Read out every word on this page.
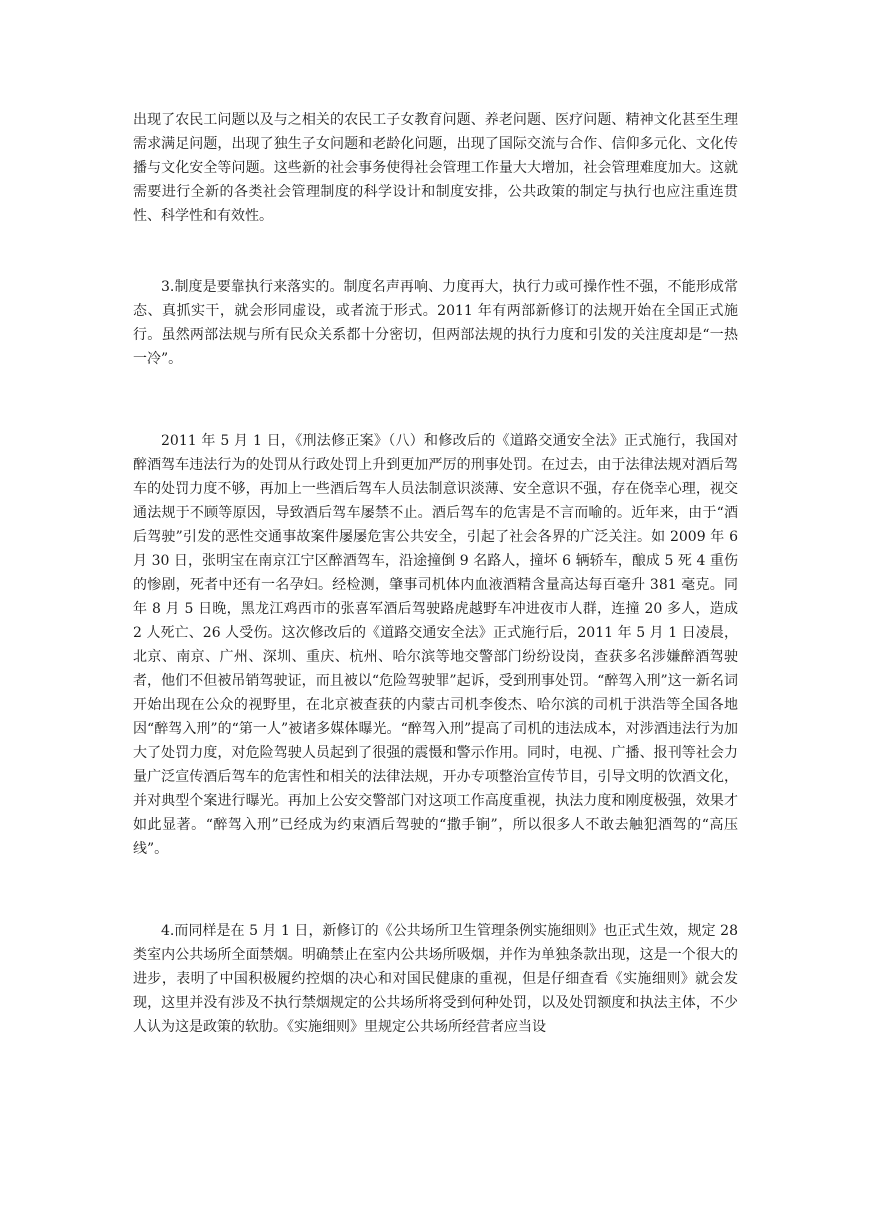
出现了农民工问题以及与之相关的农民工子女教育问题、养老问题、医疗问题、精神文化甚至生理需求满足问题，出现了独生子女问题和老龄化问题，出现了国际交流与合作、信仰多元化、文化传播与文化安全等问题。这些新的社会事务使得社会管理工作量大大增加，社会管理难度加大。这就需要进行全新的各类社会管理制度的科学设计和制度安排，公共政策的制定与执行也应注重连贯性、科学性和有效性。

3.制度是要靠执行来落实的。制度名声再响、力度再大，执行力或可操作性不强，不能形成常态、真抓实干，就会形同虚设，或者流于形式。2011 年有两部新修订的法规开始在全国正式施行。虽然两部法规与所有民众关系都十分密切，但两部法规的执行力度和引发的关注度却是“一热一冷”。

2011 年 5 月 1 日，《刑法修正案》（八）和修改后的《道路交通安全法》正式施行，我国对醉酒驾车违法行为的处罚从行政处罚上升到更加严厉的刑事处罚。在过去，由于法律法规对酒后驾车的处罚力度不够，再加上一些酒后驾车人员法制意识淡薄、安全意识不强，存在侥幸心理，视交通法规于不顾等原因，导致酒后驾车屡禁不止。酒后驾车的危害是不言而喻的。近年来，由于“酒后驾驶”引发的恶性交通事故案件屡屡危害公共安全，引起了社会各界的广泛关注。如 2009 年 6 月 30 日，张明宝在南京江宁区醉酒驾车，沿途撞倒 9 名路人，撞坏 6 辆轿车，酿成 5 死 4 重伤的惨剧，死者中还有一名孕妇。经检测，肇事司机体内血液酒精含量高达每百毫升 381 毫克。同年 8 月 5 日晚，黑龙江鸡西市的张喜军酒后驾驶路虎越野车冲进夜市人群，连撞 20 多人，造成 2 人死亡、26 人受伤。这次修改后的《道路交通安全法》正式施行后，2011 年 5 月 1 日凌晨，北京、南京、广州、深圳、重庆、杭州、哈尔滨等地交警部门纷纷设岗，查获多名涉嫌醉酒驾驶者，他们不但被吊销驾驶证，而且被以“危险驾驶罪”起诉，受到刑事处罚。“醉驾入刑”这一新名词开始出现在公众的视野里，在北京被查获的内蒙古司机李俊杰、哈尔滨的司机于洪浩等全国各地因“醉驾入刑”的“第一人”被诸多媒体曝光。“醉驾入刑”提高了司机的违法成本，对涉酒违法行为加大了处罚力度，对危险驾驶人员起到了很强的震慑和警示作用。同时，电视、广播、报刊等社会力量广泛宣传酒后驾车的危害性和相关的法律法规，开办专项整治宣传节目，引导文明的饮酒文化，并对典型个案进行曝光。再加上公安交警部门对这项工作高度重视，执法力度和刚度极强，效果才如此显著。“醉驾入刑”已经成为约束酒后驾驶的“撒手锏”，所以很多人不敢去触犯酒驾的“高压线”。

4.而同样是在 5 月 1 日，新修订的《公共场所卫生管理条例实施细则》也正式生效，规定 28 类室内公共场所全面禁烟。明确禁止在室内公共场所吸烟，并作为单独条款出现，这是一个很大的进步，表明了中国积极履约控烟的决心和对国民健康的重视，但是仔细查看《实施细则》就会发现，这里并没有涉及不执行禁烟规定的公共场所将受到何种处罚，以及处罚额度和执法主体，不少人认为这是政策的软肋。《实施细则》里规定公共场所经营者应当设
